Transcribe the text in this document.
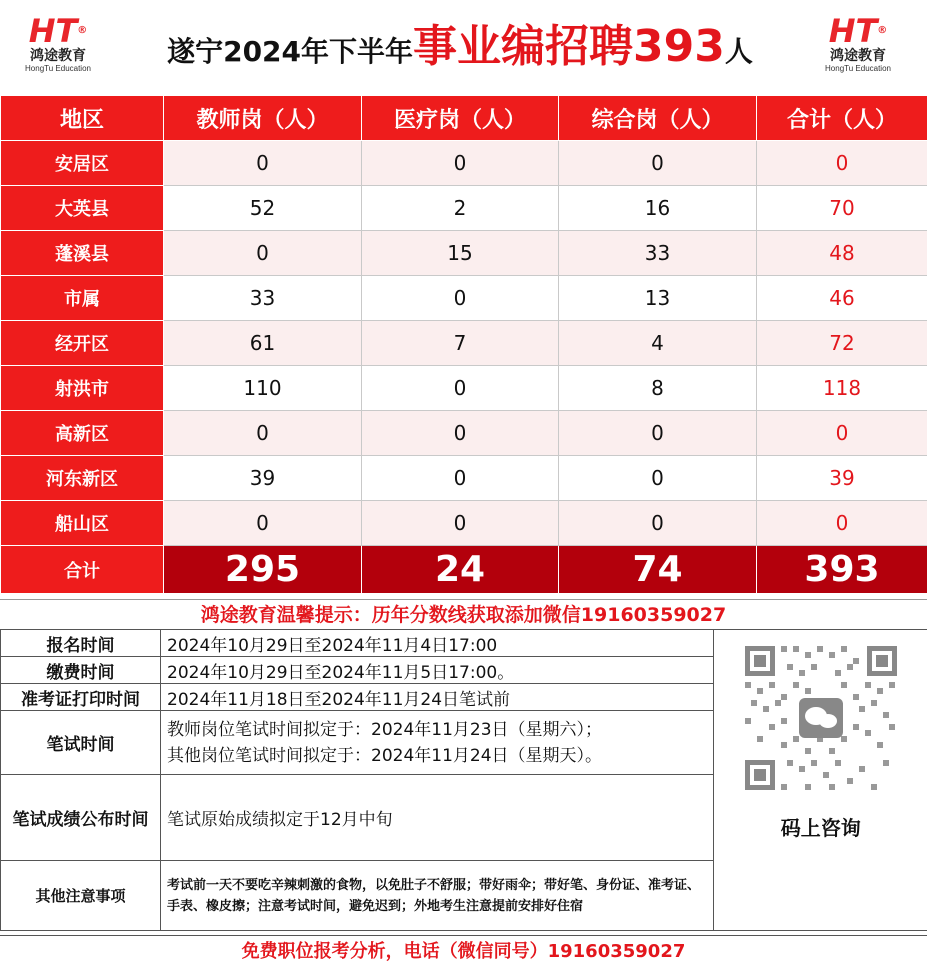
HT®
鸿途教育
HongTu Education
遂宁2024年下半年事业编招聘393人
HT®
鸿途教育
HongTu Education
地区	教师岗（人）	医疗岗（人）	综合岗（人）	合计（人）
安居区	0	0	0	0
大英县	52	2	16	70
蓬溪县	0	15	33	48
市属	33	0	13	46
经开区	61	7	4	72
射洪市	110	0	8	118
高新区	0	0	0	0
河东新区	39	0	0	39
船山区	0	0	0	0
合计	295	24	74	393
鸿途教育温馨提示：历年分数线获取添加微信19160359027
报名时间	2024年10月29日至2024年11月4日17:00	码上咨询

缴费时间	2024年10月29日至2024年11月5日17:00。	
准考证打印时间	2024年11月18日至2024年11月24日笔试前	
笔试时间	教师岗位笔试时间拟定于：2024年11月23日（星期六）；
其他岗位笔试时间拟定于：2024年11月24日（星期天）。	

笔试成绩公布时间	笔试原始成绩拟定于12月中旬	
其他注意事项	考试前一天不要吃辛辣刺激的食物，以免肚子不舒服；带好雨伞；带好笔、身份证、准考证、手表、橡皮擦；注意考试时间，避免迟到；外地考生注意提前安排好住宿	
免费职位报考分析，电话（微信同号）19160359027
